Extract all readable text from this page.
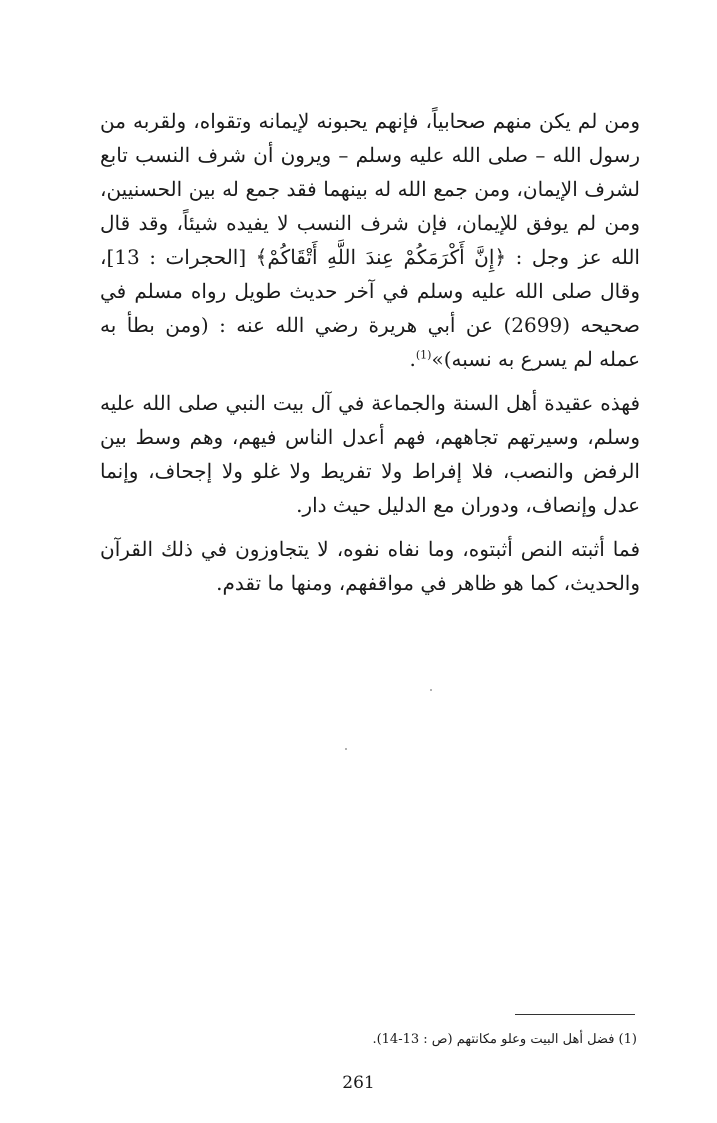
ومن لم يكن منهم صحابياً، فإنهم يحبونه لإيمانه وتقواه، ولقربه من رسول الله – صلى الله عليه وسلم – ويرون أن شرف النسب تابع لشرف الإيمان، ومن جمع الله له بينهما فقد جمع له بين الحسنيين، ومن لم يوفق للإيمان، فإن شرف النسب لا يفيده شيئاً، وقد قال الله عز وجل : ﴿إِنَّ أَكْرَمَكُمْ عِندَ اللَّهِ أَتْقَاكُمْ﴾ [الحجرات : 13]، وقال صلى الله عليه وسلم في آخر حديث طويل رواه مسلم في صحيحه (2699) عن أبي هريرة رضي الله عنه : (ومن بطأ به عمله لم يسرع به نسبه)»$^{(1)}$.

فهذه عقيدة أهل السنة والجماعة في آل بيت النبي صلى الله عليه وسلم، وسيرتهم تجاههم، فهم أعدل الناس فيهم، وهم وسط بين الرفض والنصب، فلا إفراط ولا تفريط ولا غلو ولا إجحاف، وإنما عدل وإنصاف، ودوران مع الدليل حيث دار.

فما أثبته النص أثبتوه، وما نفاه نفوه، لا يتجاوزون في ذلك القرآن والحديث، كما هو ظاهر في مواقفهم، ومنها ما تقدم.

(1) فضل أهل البيت وعلو مكانتهم (ص : 13-14).

261
